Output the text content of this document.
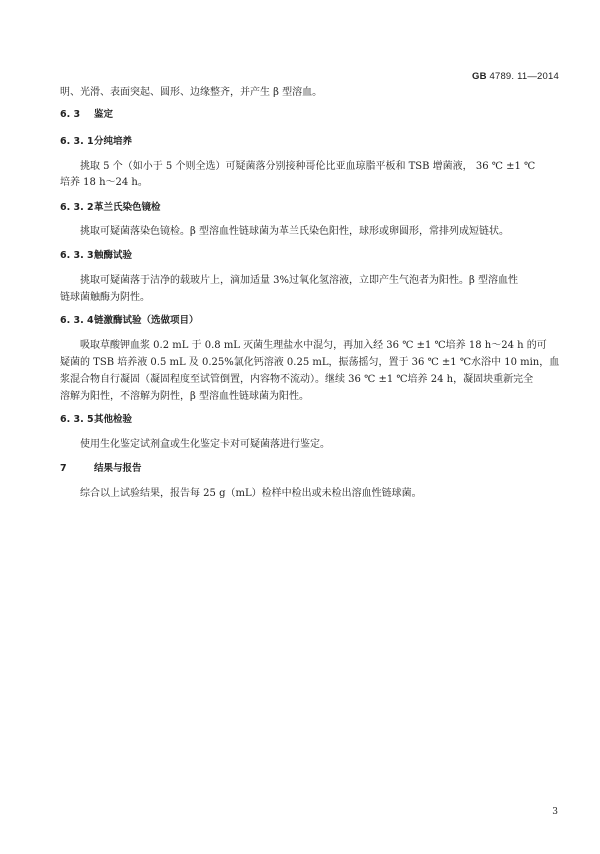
GB 4789. 11—2014
明、光滑、表面突起、圆形、边缘整齐，并产生 β 型溶血。
6. 3 鉴定
6. 3. 1分纯培养
挑取 5 个（如小于 5 个则全选）可疑菌落分别接种哥伦比亚血琼脂平板和 TSB 增菌液， 36 ℃ ±1 ℃
培养 18 h～24 h。
6. 3. 2革兰氏染色镜检
挑取可疑菌落染色镜检。β 型溶血性链球菌为革兰氏染色阳性，球形或卵圆形，常排列成短链状。
6. 3. 3触酶试验
挑取可疑菌落于洁净的载玻片上，滴加适量 3%过氧化氢溶液，立即产生气泡者为阳性。β 型溶血性
链球菌触酶为阴性。
6. 3. 4链激酶试验（选做项目）
吸取草酸钾血浆 0.2 mL 于 0.8 mL 灭菌生理盐水中混匀，再加入经 36 ℃ ±1 ℃培养 18 h～24 h 的可
疑菌的 TSB 培养液 0.5 mL 及 0.25%氯化钙溶液 0.25 mL，振荡摇匀，置于 36 ℃ ±1 ℃水浴中 10 min，血
浆混合物自行凝固（凝固程度至试管倒置，内容物不流动）。继续 36 ℃ ±1 ℃培养 24 h，凝固块重新完全
溶解为阳性，不溶解为阴性，β 型溶血性链球菌为阳性。
6. 3. 5其他检验
使用生化鉴定试剂盒或生化鉴定卡对可疑菌落进行鉴定。
7	结果与报告
综合以上试验结果，报告每 25 g（mL）检样中检出或未检出溶血性链球菌。
3
